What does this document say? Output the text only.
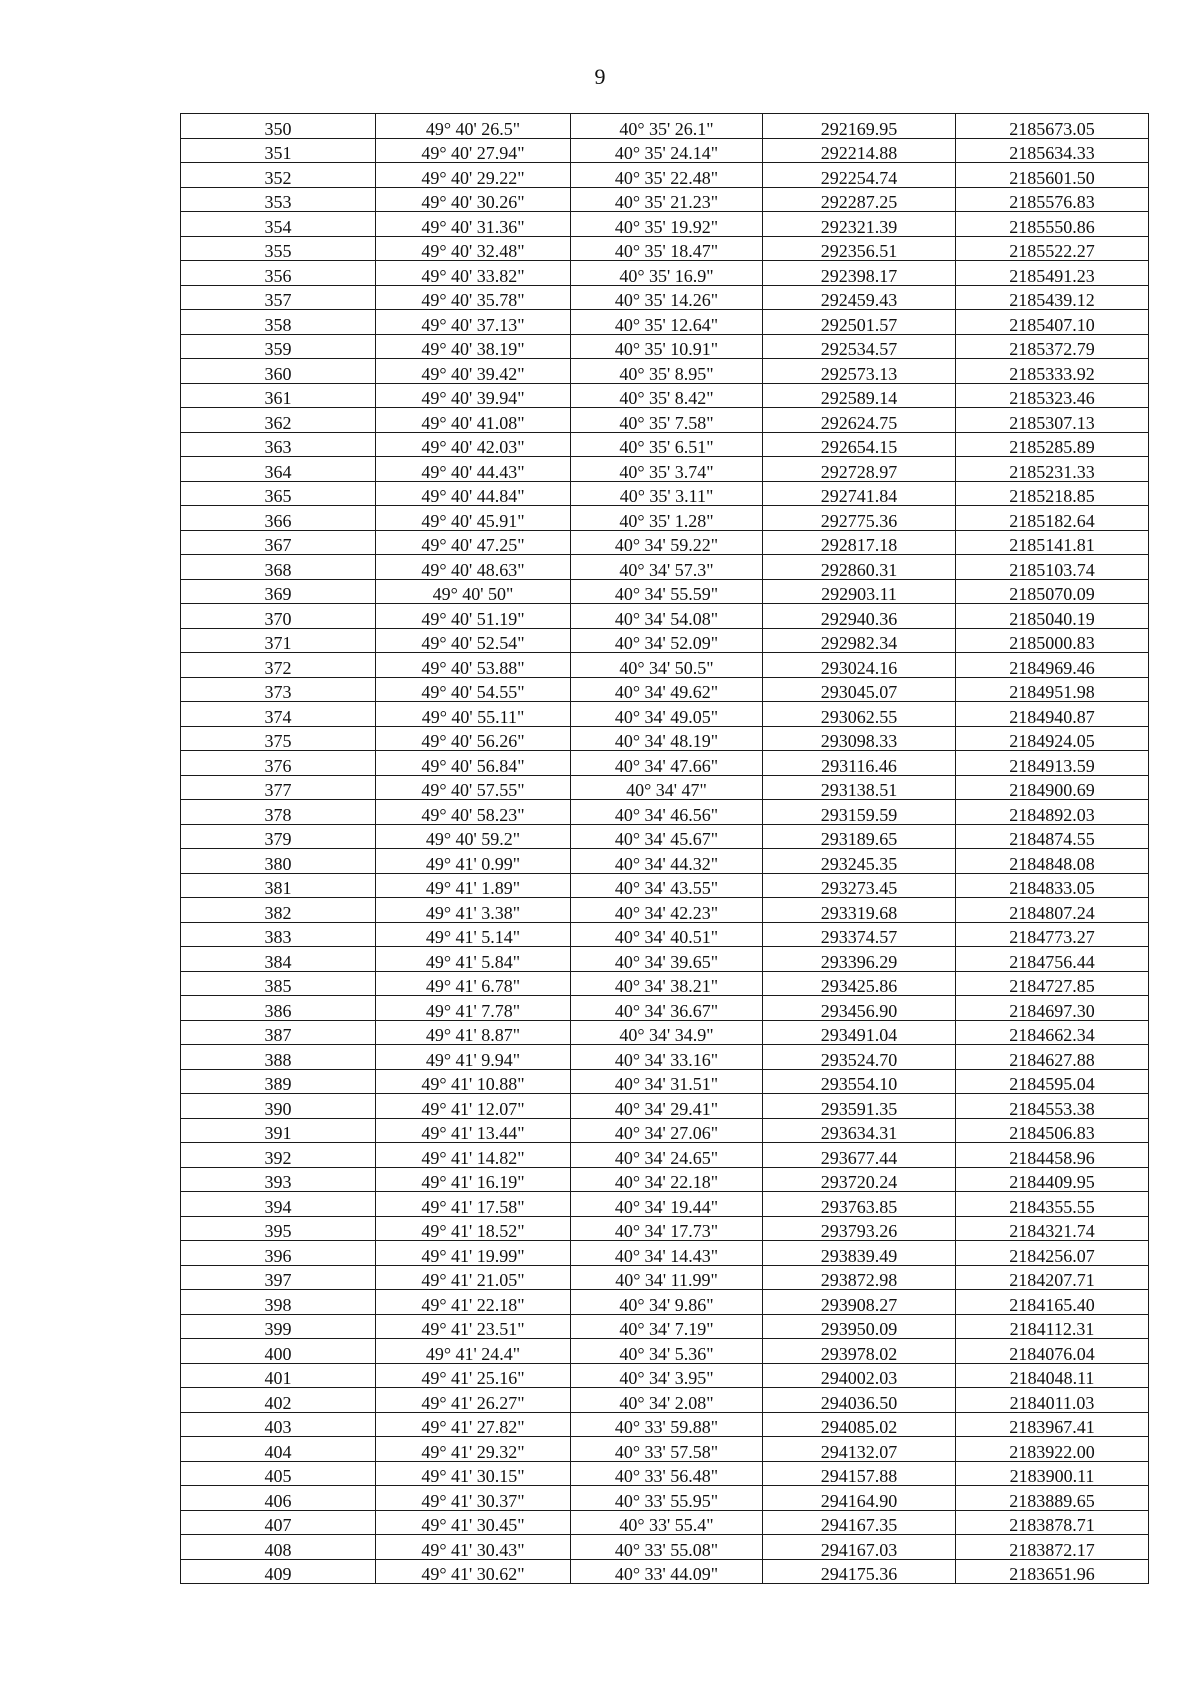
9
350	49° 40' 26.5"	40° 35' 26.1"	292169.95	2185673.05
351	49° 40' 27.94"	40° 35' 24.14"	292214.88	2185634.33
352	49° 40' 29.22"	40° 35' 22.48"	292254.74	2185601.50
353	49° 40' 30.26"	40° 35' 21.23"	292287.25	2185576.83
354	49° 40' 31.36"	40° 35' 19.92"	292321.39	2185550.86
355	49° 40' 32.48"	40° 35' 18.47"	292356.51	2185522.27
356	49° 40' 33.82"	40° 35' 16.9"	292398.17	2185491.23
357	49° 40' 35.78"	40° 35' 14.26"	292459.43	2185439.12
358	49° 40' 37.13"	40° 35' 12.64"	292501.57	2185407.10
359	49° 40' 38.19"	40° 35' 10.91"	292534.57	2185372.79
360	49° 40' 39.42"	40° 35' 8.95"	292573.13	2185333.92
361	49° 40' 39.94"	40° 35' 8.42"	292589.14	2185323.46
362	49° 40' 41.08"	40° 35' 7.58"	292624.75	2185307.13
363	49° 40' 42.03"	40° 35' 6.51"	292654.15	2185285.89
364	49° 40' 44.43"	40° 35' 3.74"	292728.97	2185231.33
365	49° 40' 44.84"	40° 35' 3.11"	292741.84	2185218.85
366	49° 40' 45.91"	40° 35' 1.28"	292775.36	2185182.64
367	49° 40' 47.25"	40° 34' 59.22"	292817.18	2185141.81
368	49° 40' 48.63"	40° 34' 57.3"	292860.31	2185103.74
369	49° 40' 50"	40° 34' 55.59"	292903.11	2185070.09
370	49° 40' 51.19"	40° 34' 54.08"	292940.36	2185040.19
371	49° 40' 52.54"	40° 34' 52.09"	292982.34	2185000.83
372	49° 40' 53.88"	40° 34' 50.5"	293024.16	2184969.46
373	49° 40' 54.55"	40° 34' 49.62"	293045.07	2184951.98
374	49° 40' 55.11"	40° 34' 49.05"	293062.55	2184940.87
375	49° 40' 56.26"	40° 34' 48.19"	293098.33	2184924.05
376	49° 40' 56.84"	40° 34' 47.66"	293116.46	2184913.59
377	49° 40' 57.55"	40° 34' 47"	293138.51	2184900.69
378	49° 40' 58.23"	40° 34' 46.56"	293159.59	2184892.03
379	49° 40' 59.2"	40° 34' 45.67"	293189.65	2184874.55
380	49° 41' 0.99"	40° 34' 44.32"	293245.35	2184848.08
381	49° 41' 1.89"	40° 34' 43.55"	293273.45	2184833.05
382	49° 41' 3.38"	40° 34' 42.23"	293319.68	2184807.24
383	49° 41' 5.14"	40° 34' 40.51"	293374.57	2184773.27
384	49° 41' 5.84"	40° 34' 39.65"	293396.29	2184756.44
385	49° 41' 6.78"	40° 34' 38.21"	293425.86	2184727.85
386	49° 41' 7.78"	40° 34' 36.67"	293456.90	2184697.30
387	49° 41' 8.87"	40° 34' 34.9"	293491.04	2184662.34
388	49° 41' 9.94"	40° 34' 33.16"	293524.70	2184627.88
389	49° 41' 10.88"	40° 34' 31.51"	293554.10	2184595.04
390	49° 41' 12.07"	40° 34' 29.41"	293591.35	2184553.38
391	49° 41' 13.44"	40° 34' 27.06"	293634.31	2184506.83
392	49° 41' 14.82"	40° 34' 24.65"	293677.44	2184458.96
393	49° 41' 16.19"	40° 34' 22.18"	293720.24	2184409.95
394	49° 41' 17.58"	40° 34' 19.44"	293763.85	2184355.55
395	49° 41' 18.52"	40° 34' 17.73"	293793.26	2184321.74
396	49° 41' 19.99"	40° 34' 14.43"	293839.49	2184256.07
397	49° 41' 21.05"	40° 34' 11.99"	293872.98	2184207.71
398	49° 41' 22.18"	40° 34' 9.86"	293908.27	2184165.40
399	49° 41' 23.51"	40° 34' 7.19"	293950.09	2184112.31
400	49° 41' 24.4"	40° 34' 5.36"	293978.02	2184076.04
401	49° 41' 25.16"	40° 34' 3.95"	294002.03	2184048.11
402	49° 41' 26.27"	40° 34' 2.08"	294036.50	2184011.03
403	49° 41' 27.82"	40° 33' 59.88"	294085.02	2183967.41
404	49° 41' 29.32"	40° 33' 57.58"	294132.07	2183922.00
405	49° 41' 30.15"	40° 33' 56.48"	294157.88	2183900.11
406	49° 41' 30.37"	40° 33' 55.95"	294164.90	2183889.65
407	49° 41' 30.45"	40° 33' 55.4"	294167.35	2183878.71
408	49° 41' 30.43"	40° 33' 55.08"	294167.03	2183872.17
409	49° 41' 30.62"	40° 33' 44.09"	294175.36	2183651.96
